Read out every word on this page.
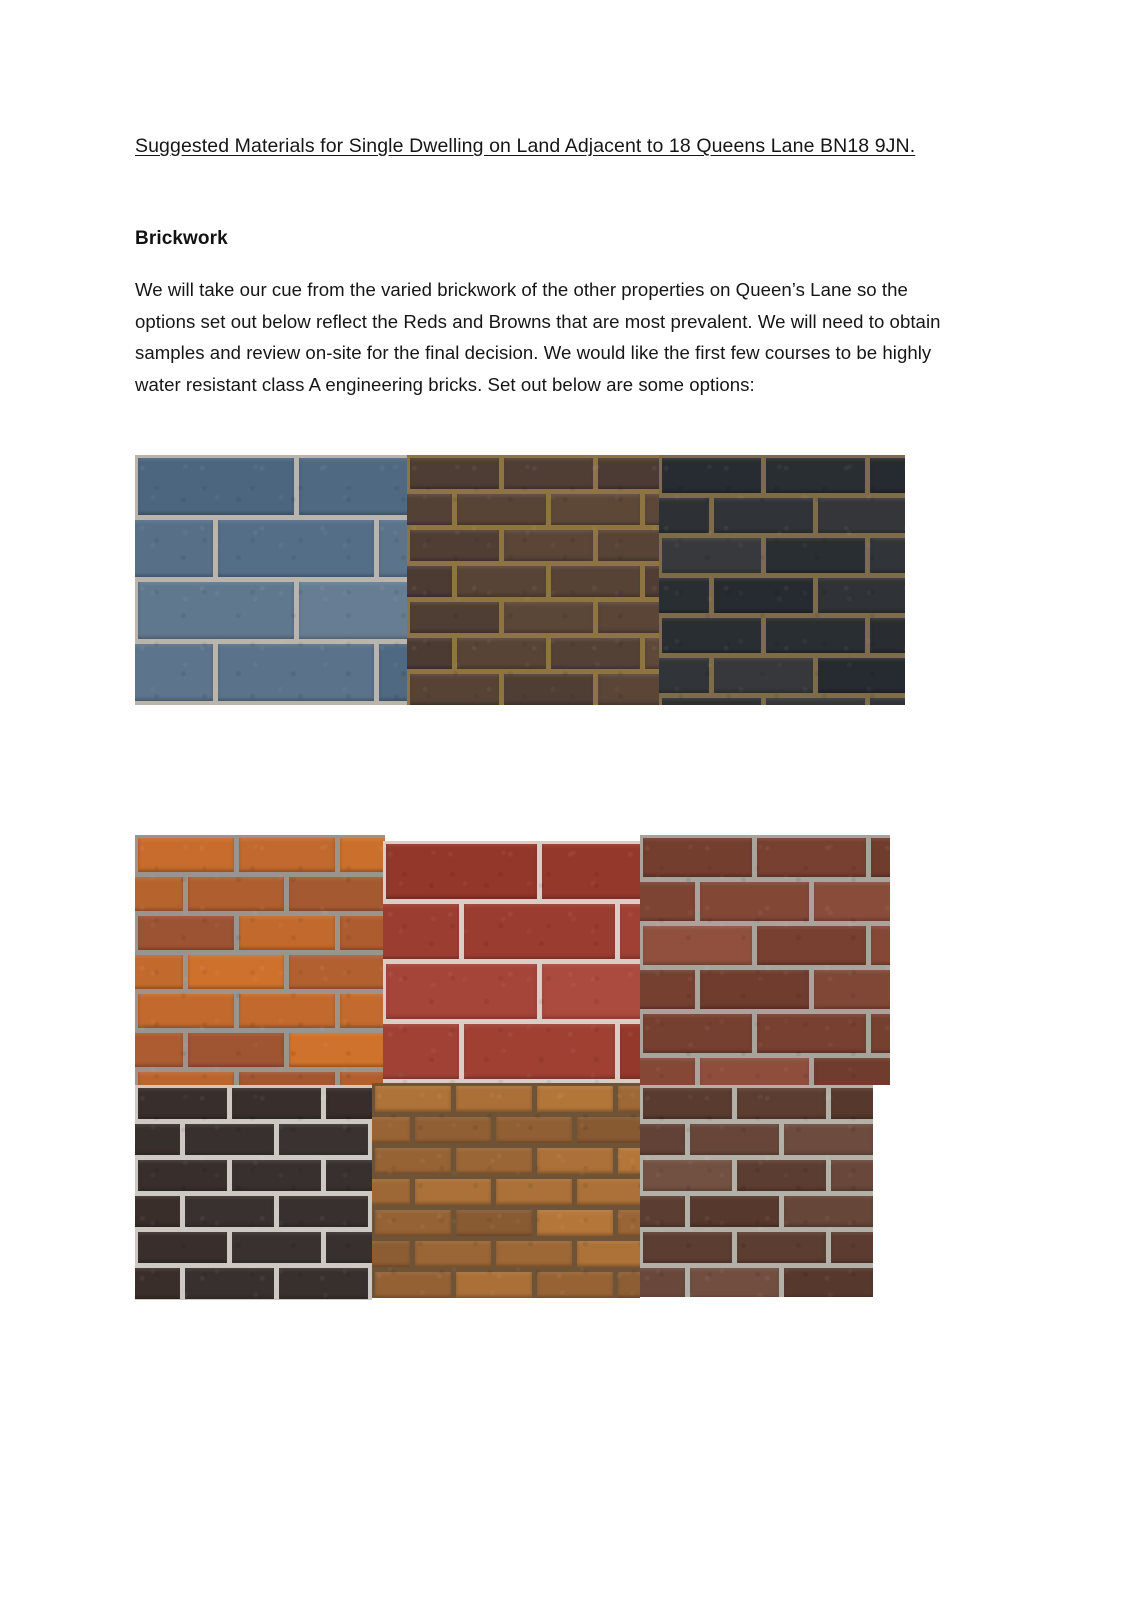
Suggested Materials for Single Dwelling on Land Adjacent to 18 Queens Lane BN18 9JN.
Brickwork
We will take our cue from the varied brickwork of the other properties on Queen’s Lane so the options set out below reflect the Reds and Browns that are most prevalent. We will need to obtain samples and review on-site for the final decision. We would like the first few courses to be highly water resistant class A engineering bricks. Set out below are some options:
